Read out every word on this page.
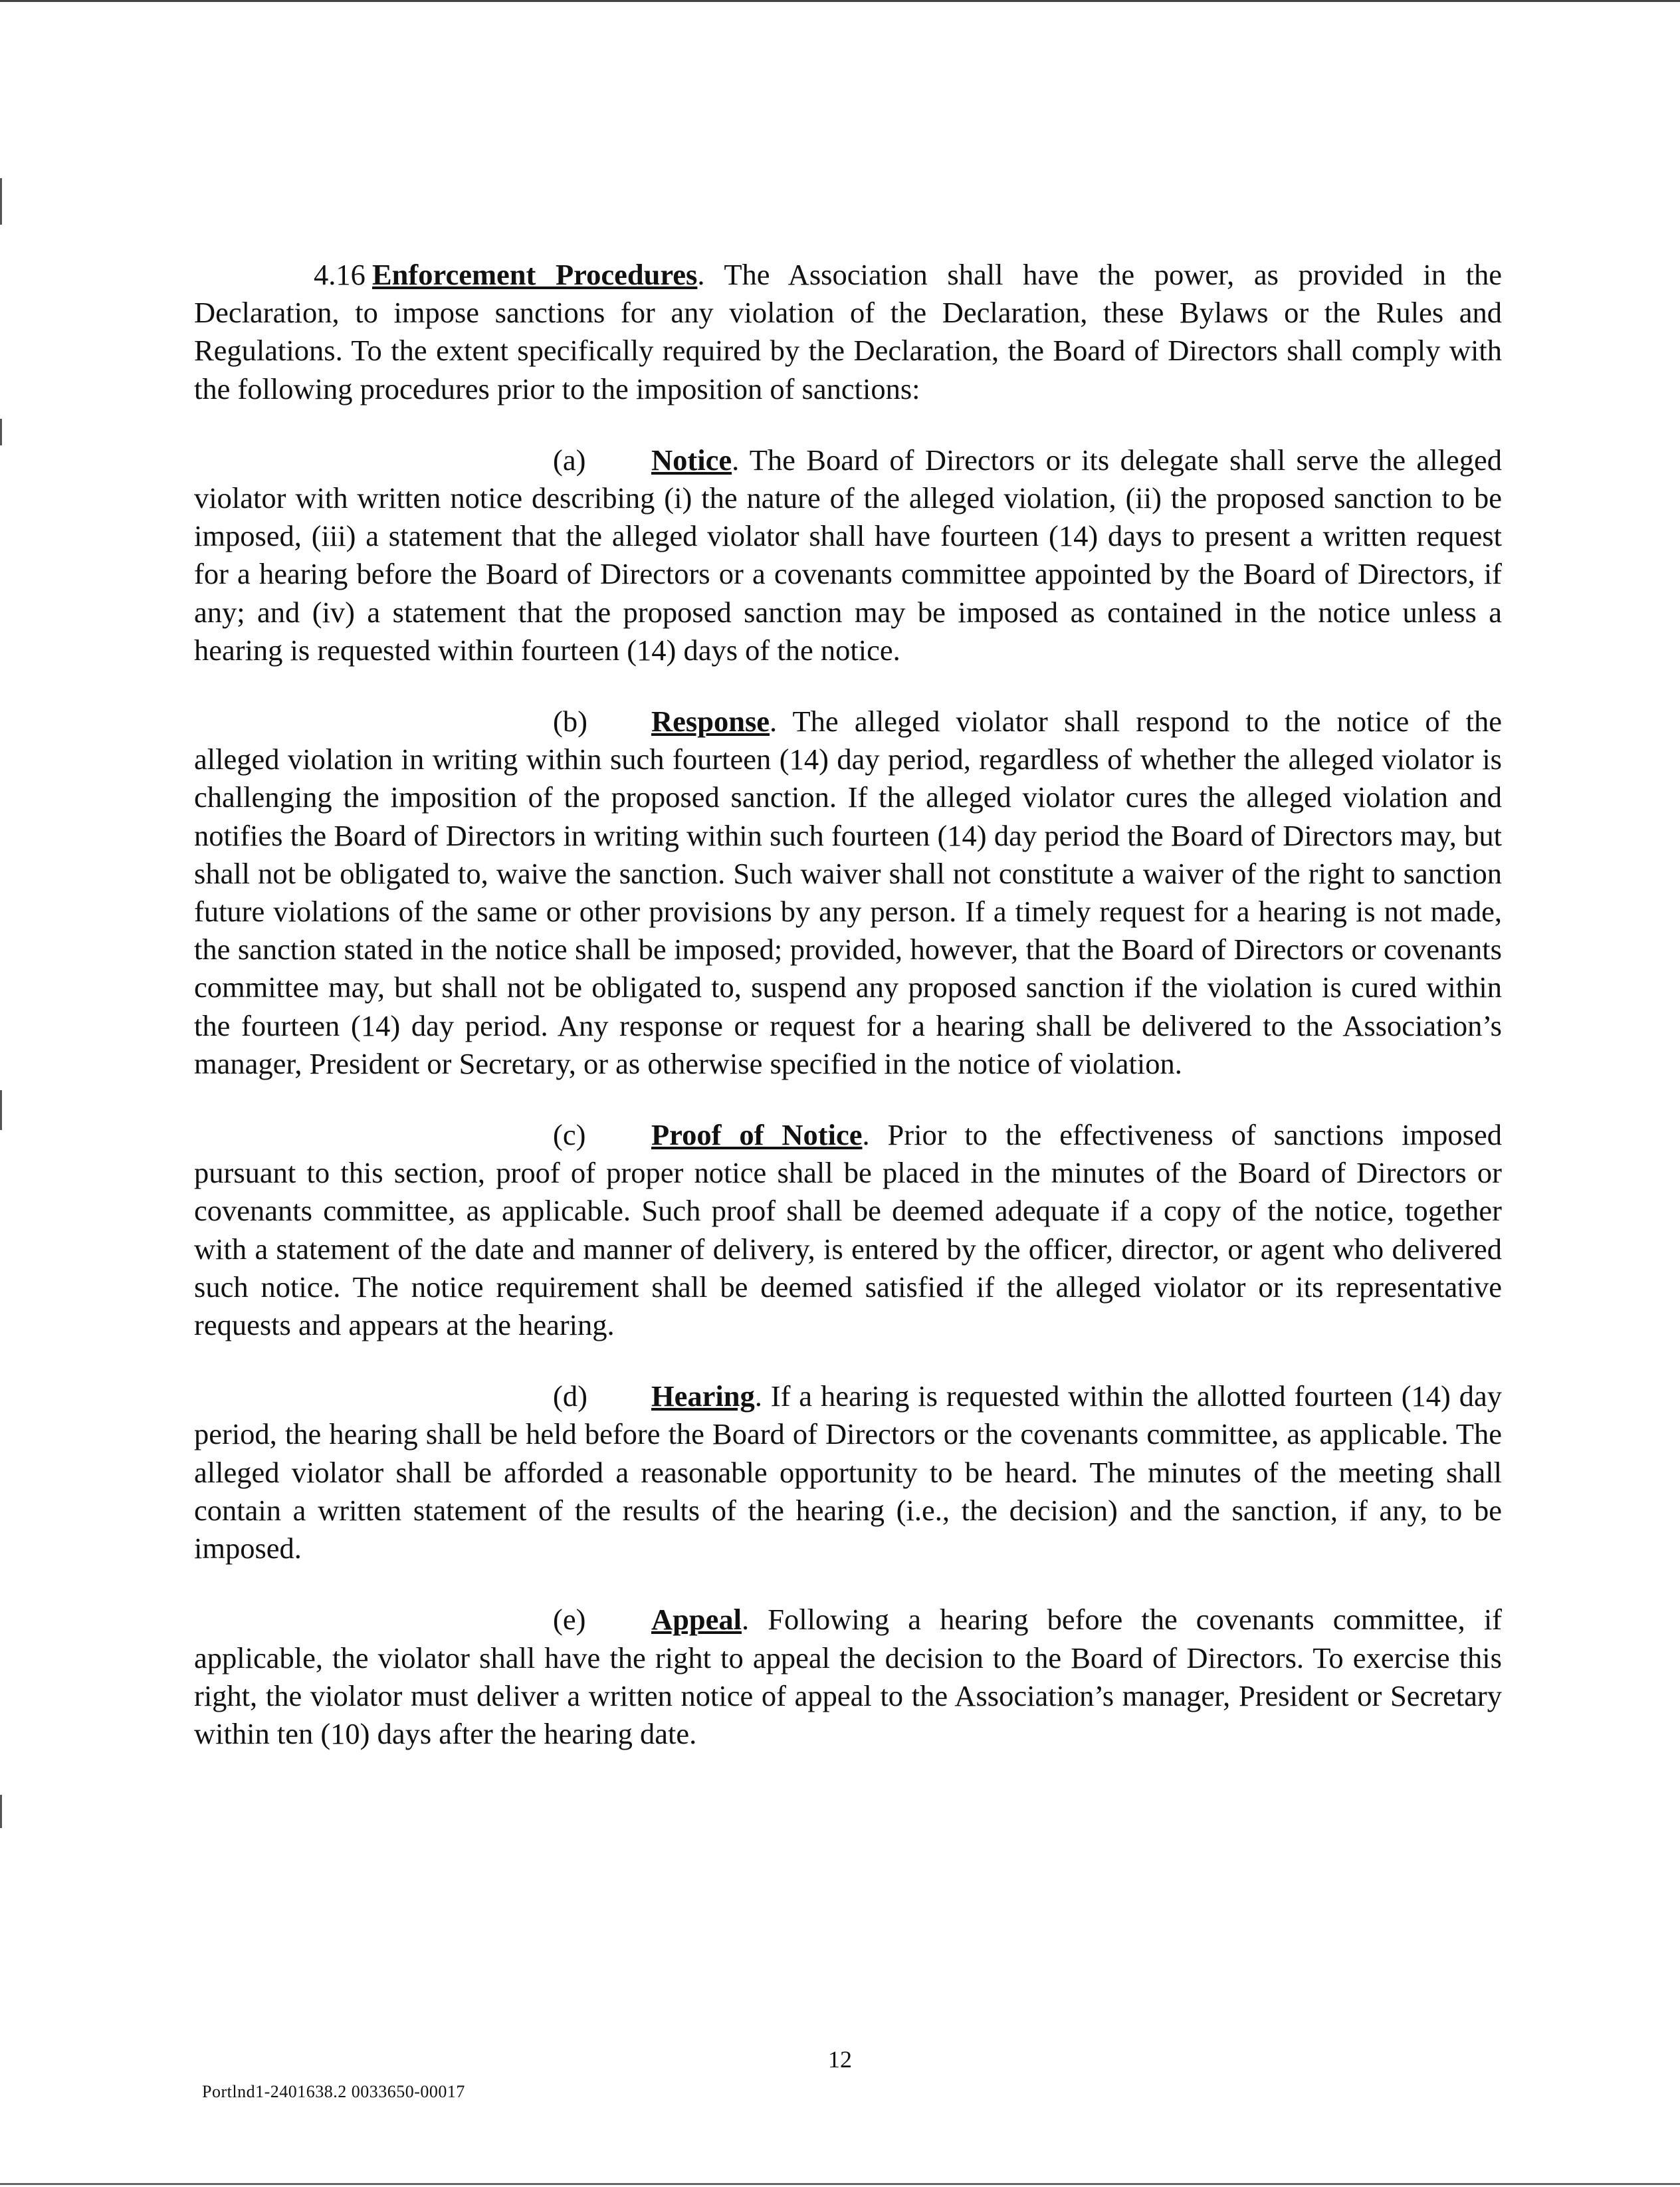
4.16 Enforcement Procedures. The Association shall have the power, as provided in the Declaration, to impose sanctions for any violation of the Declaration, these Bylaws or the Rules and Regulations. To the extent specifically required by the Declaration, the Board of Directors shall comply with the following procedures prior to the imposition of sanctions:

(a) Notice. The Board of Directors or its delegate shall serve the alleged violator with written notice describing (i) the nature of the alleged violation, (ii) the proposed sanction to be imposed, (iii) a statement that the alleged violator shall have fourteen (14) days to present a written request for a hearing before the Board of Directors or a covenants committee appointed by the Board of Directors, if any; and (iv) a statement that the proposed sanction may be imposed as contained in the notice unless a hearing is requested within fourteen (14) days of the notice.

(b) Response. The alleged violator shall respond to the notice of the alleged violation in writing within such fourteen (14) day period, regardless of whether the alleged violator is challenging the imposition of the proposed sanction. If the alleged violator cures the alleged violation and notifies the Board of Directors in writing within such fourteen (14) day period the Board of Directors may, but shall not be obligated to, waive the sanction. Such waiver shall not constitute a waiver of the right to sanction future violations of the same or other provisions by any person. If a timely request for a hearing is not made, the sanction stated in the notice shall be imposed; provided, however, that the Board of Directors or covenants committee may, but shall not be obligated to, suspend any proposed sanction if the violation is cured within the fourteen (14) day period. Any response or request for a hearing shall be delivered to the Association’s manager, President or Secretary, or as otherwise specified in the notice of violation.

(c) Proof of Notice. Prior to the effectiveness of sanctions imposed pursuant to this section, proof of proper notice shall be placed in the minutes of the Board of Directors or covenants committee, as applicable. Such proof shall be deemed adequate if a copy of the notice, together with a statement of the date and manner of delivery, is entered by the officer, director, or agent who delivered such notice. The notice requirement shall be deemed satisfied if the alleged violator or its representative requests and appears at the hearing.

(d) Hearing. If a hearing is requested within the allotted fourteen (14) day period, the hearing shall be held before the Board of Directors or the covenants committee, as applicable. The alleged violator shall be afforded a reasonable opportunity to be heard. The minutes of the meeting shall contain a written statement of the results of the hearing (i.e., the decision) and the sanction, if any, to be imposed.

(e) Appeal. Following a hearing before the covenants committee, if applicable, the violator shall have the right to appeal the decision to the Board of Directors. To exercise this right, the violator must deliver a written notice of appeal to the Association’s manager, President or Secretary within ten (10) days after the hearing date.

12
Portlnd1-2401638.2 0033650-00017
